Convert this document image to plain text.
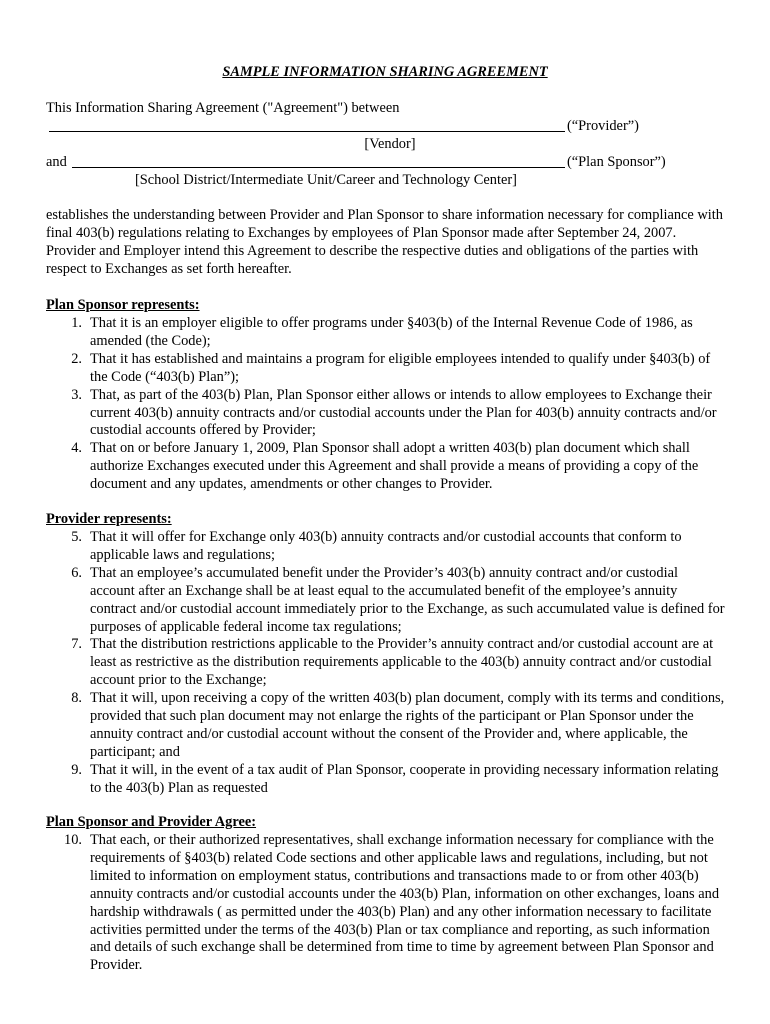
SAMPLE INFORMATION SHARING AGREEMENT
This Information Sharing Agreement ("Agreement") between
(“Provider”)
[Vendor]
and	(“Plan Sponsor”)
[School District/Intermediate Unit/Career and Technology Center]
establishes the understanding between Provider and Plan Sponsor to share information necessary for compliance with final 403(b) regulations relating to Exchanges by employees of Plan Sponsor made after September 24, 2007. Provider and Employer intend this Agreement to describe the respective duties and obligations of the parties with respect to Exchanges as set forth hereafter.
Plan Sponsor represents:
1. That it is an employer eligible to offer programs under §403(b) of the Internal Revenue Code of 1986, as amended (the Code);
2. That it has established and maintains a program for eligible employees intended to qualify under §403(b) of the Code (“403(b) Plan”);
3. That, as part of the 403(b) Plan, Plan Sponsor either allows or intends to allow employees to Exchange their current 403(b) annuity contracts and/or custodial accounts under the Plan for 403(b) annuity contracts and/or custodial accounts offered by Provider;
4. That on or before January 1, 2009, Plan Sponsor shall adopt a written 403(b) plan document which shall authorize Exchanges executed under this Agreement and shall provide a means of providing a copy of the document and any updates, amendments or other changes to Provider.
Provider represents:
5. That it will offer for Exchange only 403(b) annuity contracts and/or custodial accounts that conform to applicable laws and regulations;
6. That an employee’s accumulated benefit under the Provider’s 403(b) annuity contract and/or custodial account after an Exchange shall be at least equal to the accumulated benefit of the employee’s annuity contract and/or custodial account immediately prior to the Exchange, as such accumulated value is defined for purposes of applicable federal income tax regulations;
7. That the distribution restrictions applicable to the Provider’s annuity contract and/or custodial account are at least as restrictive as the distribution requirements applicable to the 403(b) annuity contract and/or custodial account prior to the Exchange;
8. That it will, upon receiving a copy of the written 403(b) plan document, comply with its terms and conditions, provided that such plan document may not enlarge the rights of the participant or Plan Sponsor under the annuity contract and/or custodial account without the consent of the Provider and, where applicable, the participant; and
9. That it will, in the event of a tax audit of Plan Sponsor, cooperate in providing necessary information relating to the 403(b) Plan as requested
Plan Sponsor and Provider Agree:
10. That each, or their authorized representatives, shall exchange information necessary for compliance with the requirements of §403(b) related Code sections and other applicable laws and regulations, including, but not limited to information on employment status, contributions and transactions made to or from other 403(b) annuity contracts and/or custodial accounts under the 403(b) Plan, information on other exchanges, loans and hardship withdrawals ( as permitted under the 403(b) Plan) and any other information necessary to facilitate activities permitted under the terms of the 403(b) Plan or tax compliance and reporting, as such information and details of such exchange shall be determined from time to time by agreement between Plan Sponsor and Provider.
